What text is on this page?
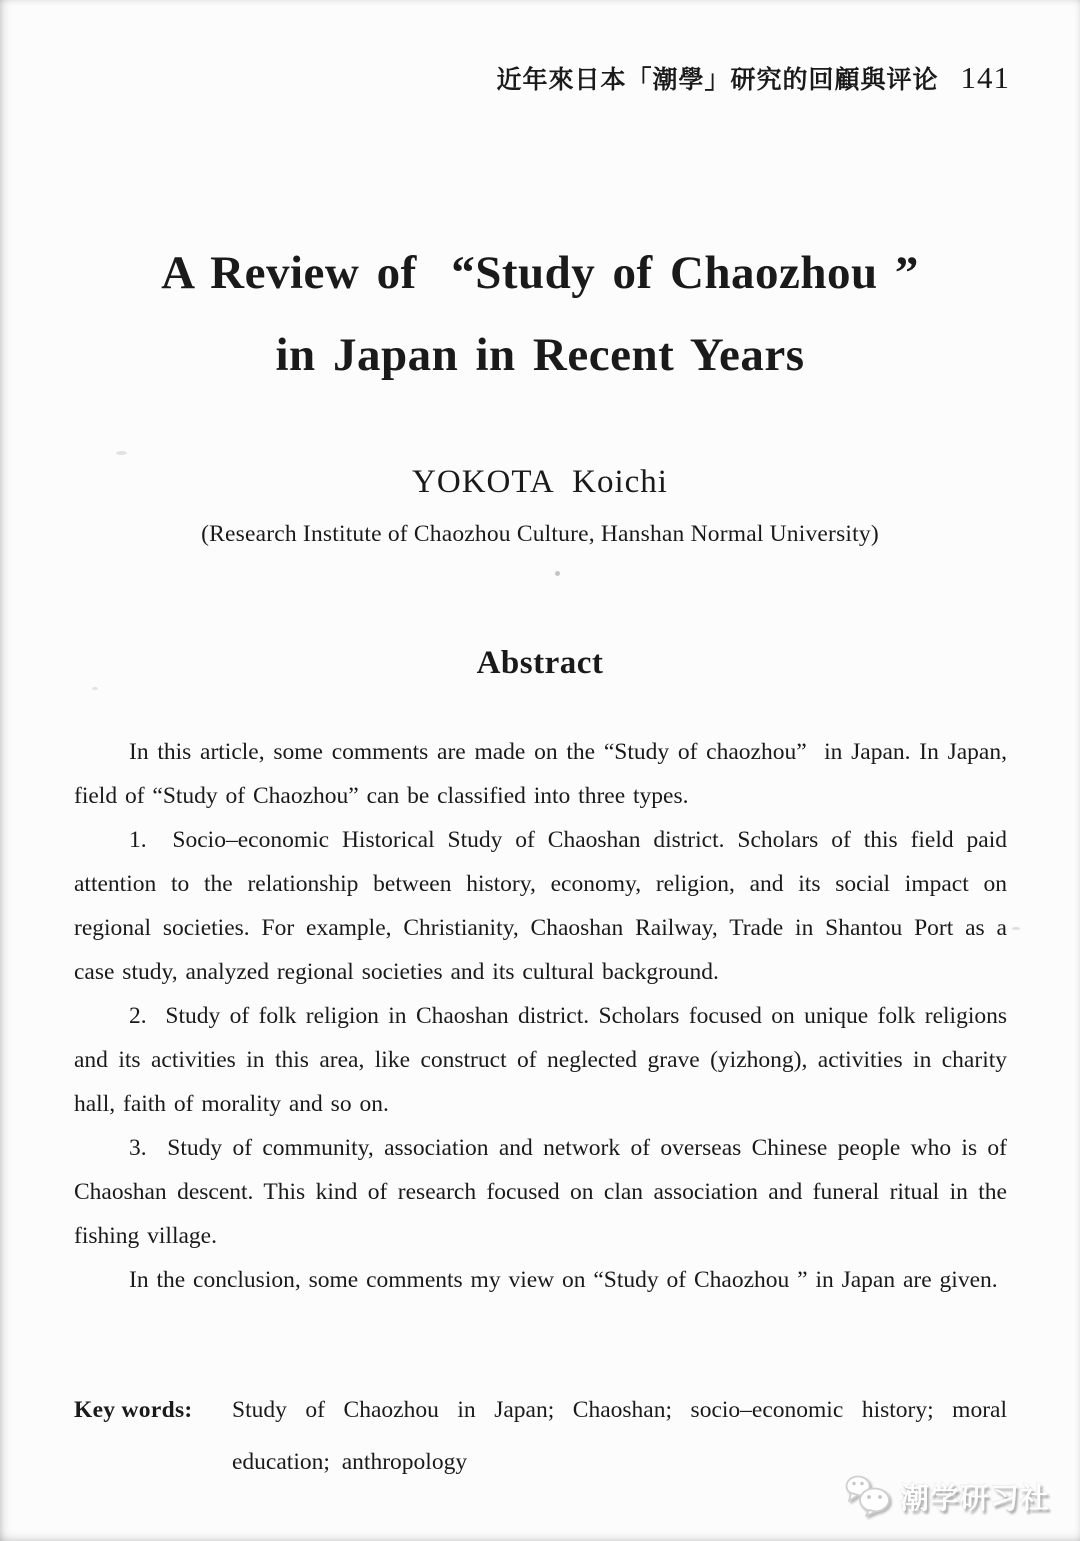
近年來日本「潮學」研究的回顧與评论 141
A Review of  “Study of Chaozhou ”
in Japan in Recent Years
YOKOTA Koichi
(Research Institute of Chaozhou Culture, Hanshan Normal University)
Abstract

In this article, some comments are made on the “Study of chaozhou”  in Japan. In Japan, field of “Study of Chaozhou” can be classified into three types.

1.  Socio–economic Historical Study of Chaoshan district. Scholars of this field paid attention to the relationship between history, economy, religion, and its social impact on regional societies. For example, Christianity, Chaoshan Railway, Trade in Shantou Port as a case study, analyzed regional societies and its cultural background.

2.  Study of folk religion in Chaoshan district. Scholars focused on unique folk religions and its activities in this area, like construct of neglected grave (yizhong), activities in charity hall, faith of morality and so on.

3.  Study of community, association and network of overseas Chinese people who is of Chaoshan descent. This kind of research focused on clan association and funeral ritual in the fishing village.

In the conclusion, some comments my view on “Study of Chaozhou ” in Japan are given.

Key words:	Study of Chaozhou in Japan; Chaoshan; socio–economic history; moral education; anthropology
潮学研习社
